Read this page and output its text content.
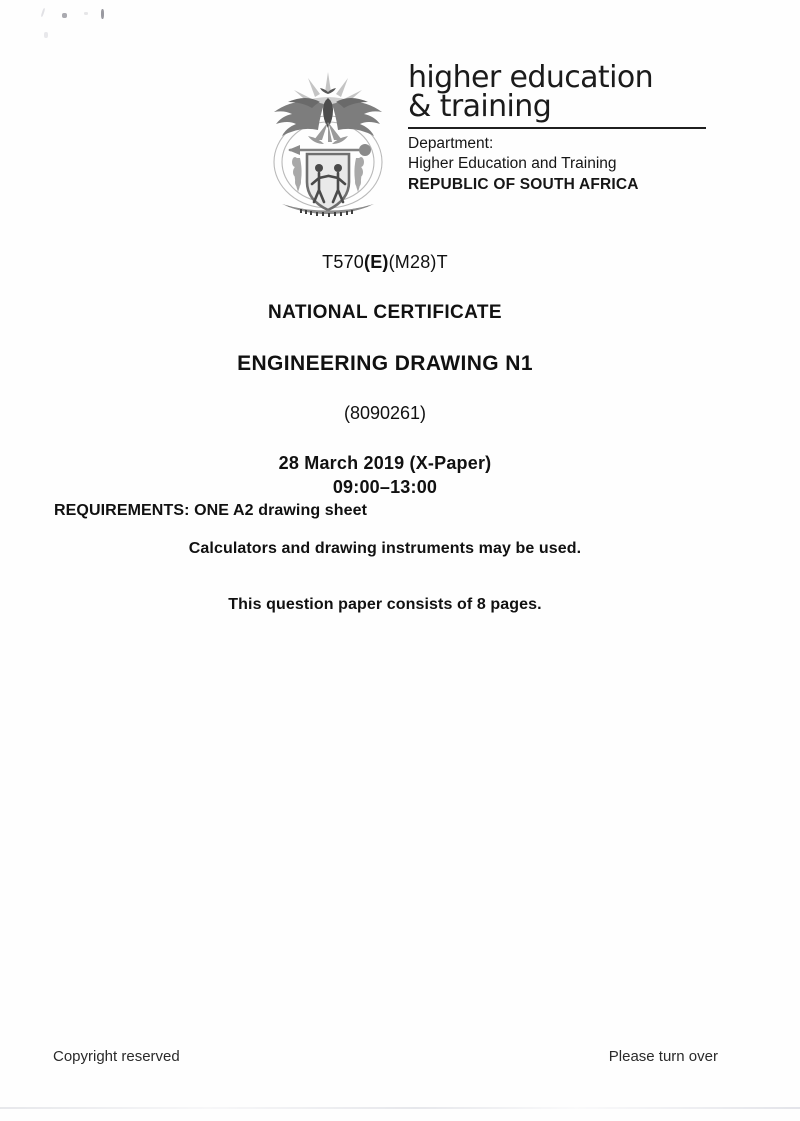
higher education
& training
Department:
Higher Education and Training
REPUBLIC OF SOUTH AFRICA

T570(E)(M28)T

NATIONAL CERTIFICATE
ENGINEERING DRAWING N1

(8090261)

28 March 2019 (X-Paper)

09:00–13:00

REQUIREMENTS: ONE A2 drawing sheet
Calculators and drawing instruments may be used.
This question paper consists of 8 pages.
Copyright reserved	Please turn over
